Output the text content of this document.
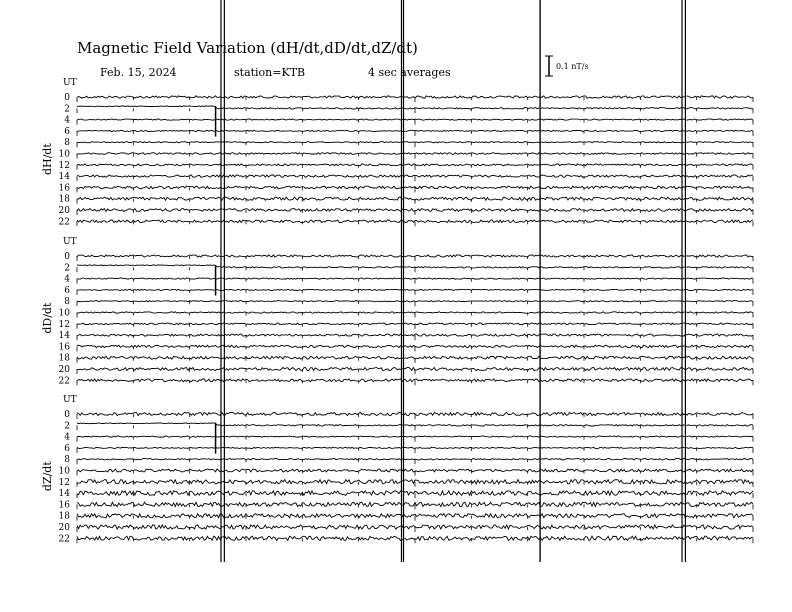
Magnetic Field Variation (dH/dt,dD/dt,dZ/dt)
Feb. 15, 2024	station=KTB	4 sec averages	0.1 nT/s
UT
dH/dt
0
2
4
6
8
10
12
14
16
18
20
22
UT
dD/dt
0
2
4
6
8
10
12
14
16
18
20
22
UT
dZ/dt
0
2
4
6
8
10
12
14
16
18
20
22
